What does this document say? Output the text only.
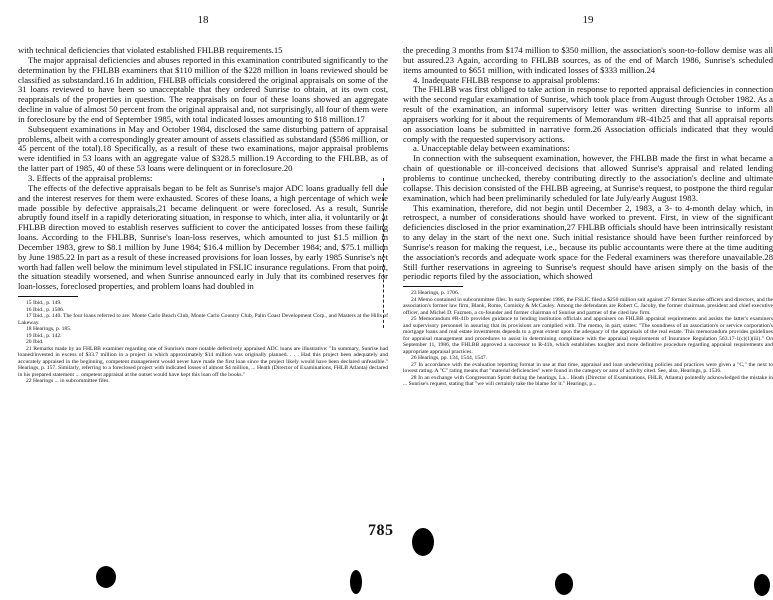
18

with technical deficiencies that violated established FHLBB requirements.15

The major appraisal deficiencies and abuses reported in this examination contributed significantly to the determination by the FHLBB examiners that $110 million of the $228 million in loans reviewed should be classified as substandard.16 In addition, FHLBB officials considered the original appraisals on some of the 31 loans reviewed to have been so unacceptable that they ordered Sunrise to obtain, at its own cost, reappraisals of the properties in question. The reappraisals on four of these loans showed an aggregate decline in value of almost 50 percent from the original appraisal and, not surprisingly, all four of them were in foreclosure by the end of September 1985, with total indicated losses amounting to $18 million.17

Subsequent examinations in May and October 1984, disclosed the same disturbing pattern of appraisal problems, albeit with a correspondingly greater amount of assets classified as substandard ($586 million, or 45 percent of the total).18 Specifically, as a result of these two examinations, major appraisal problems were identified in 53 loans with an aggregate value of $328.5 million.19 According to the FHLBB, as of the latter part of 1985, 40 of these 53 loans were delinquent or in foreclosure.20

3. Effects of the appraisal problems:

The effects of the defective appraisals began to be felt as Sunrise's major ADC loans gradually fell due and the interest reserves for them were exhausted. Scores of these loans, a high percentage of which were made possible by defective appraisals,21 became delinquent or were foreclosed. As a result, Sunrise abruptly found itself in a rapidly deteriorating situation, in response to which, inter alia, it voluntarily or at FHLBB direction moved to establish reserves sufficient to cover the anticipated losses from these failing loans. According to the FHLBB, Sunrise's loan-loss reserves, which amounted to just $1.5 million in December 1983, grew to $8.1 million by June 1984; $16.4 million by December 1984; and, $75.1 million by June 1985.22 In part as a result of these increased provisions for loan losses, by early 1985 Sunrise's net worth had fallen well below the minimum level stipulated in FSLIC insurance regulations. From that point, the situation steadily worsened, and when Sunrise announced early in July that its combined reserves for loan-losses, foreclosed properties, and problem loans had doubled in

15 Ibid., p. 149.

16 Ibid., p. 1586.

17 Ibid., p. 140. The four loans referred to are: Monte Carlo Beach Club, Monte Carlo Country Club, Palm Coast Development Corp., and Masters at the Hills of Lakeway.

18 Hearings, p. 185.

19 Ibid., p. 142.

20 Ibid.

21 Remarks made by an FHLBB examiner regarding one of Sunrise's more notable defectively appraised ADC loans are illustrative: "In summary, Sunrise had loaned/invested in excess of $33.7 million in a project in which approximately $14 million was originally planned. . . . Had this project been adequately and accurately appraised in the beginning, competent management would never have made the first loan since the project likely would have been declared unfeasible." Hearings, p. 157. Similarly, referring to a foreclosed project with indicated losses of almost $4 million, ... Heath (Director of Examinations, FHLB Atlanta) declared in his prepared statement ... ompetent appraisal at the outset would have kept this loan off the books."

22 Hearings ... in subcommittee files.

19

the preceding 3 months from $174 million to $350 million, the association's soon-to-follow demise was all but assured.23 Again, according to FHLBB sources, as of the end of March 1986, Sunrise's scheduled items amounted to $651 million, with indicated losses of $333 million.24

4. Inadequate FHLBB response to appraisal problems:

The FHLBB was first obliged to take action in response to reported appraisal deficiencies in connection with the second regular examination of Sunrise, which took place from August through October 1982. As a result of the examination, an informal supervisory letter was written directing Sunrise to inform all appraisers working for it about the requirements of Memorandum #R-41b25 and that all appraisal reports on association loans be submitted in narrative form.26 Association officials indicated that they would comply with the requested supervisory actions.

a. Unacceptable delay between examinations:

In connection with the subsequent examination, however, the FHLBB made the first in what became a chain of questionable or ill-conceived decisions that allowed Sunrise's appraisal and related lending problems to continue unchecked, thereby contributing directly to the association's decline and ultimate collapse. This decision consisted of the FHLBB agreeing, at Sunrise's request, to postpone the third regular examination, which had been preliminarily scheduled for late July/early August 1983.

This examination, therefore, did not begin until December 2, 1983, a 3- to 4-month delay which, in retrospect, a number of considerations should have worked to prevent. First, in view of the significant deficiencies disclosed in the prior examination,27 FHLBB officials should have been intrinsically resistant to any delay in the start of the next one. Such initial resistance should have been further reinforced by Sunrise's reason for making the request, i.e., because its public accountants were there at the time auditing the association's records and adequate work space for the Federal examiners was therefore unavailable.28 Still further reservations in agreeing to Sunrise's request should have arisen simply on the basis of the periodic reports filed by the association, which showed

23 Hearings, p. 1706.

24 Memo contained in subcommittee files. In early September 1986, the FSLIC filed a $250 million suit against 27 former Sunrise officers and directors, and the association's former law firm, Blank, Rome, Comisky & McCauley. Among the defendants are Robert C. Jacoby, the former chairman, president and chief executive officer, and Michel D. Fazmen, a co-founder and former chairman of Sunrise and partner of the cited law firm.

25 Memorandum #R-41b provides guidance to lending institution officials and appraisers on FHLBB appraisal requirements and assists the latter's examiners and supervisory personnel in assuring that its provisions are complied with. The memo, in part, states: "The soundness of an association's or service corporation's mortgage loans and real estate investments depends to a great extent upon the adequacy of the appraisals of the real estate. This memorandum provides guidelines for appraisal management and procedures to assist in determining compliance with the appraisal requirements of Insurance Regulation 563.17-1(c)(1)(iii)." On September 11, 1986, the FHLBB approved a successor to R-41b, which establishes tougher and more definitive procedure regarding appraisal requirements and appropriate appraisal practices.

26 Hearings, pp. 134, 1544, 1547.

27 In accordance with the evaluation reporting format in use at that time, appraisal and loan underwriting policies and practices were given a "C," the next to lowest rating. A "C" rating means that "material deficiencies" were found in the category or area of activity cited. See, also, Hearings, p. 1536.

28 In an exchange with Congressman Spratt during the hearings, La... Heath (Director of Examinations, FHLB, Atlanta) pointedly acknowledged the mistake in ... Sunrise's request, stating that "we will certainly take the blame for it." Hearings, p...

785
